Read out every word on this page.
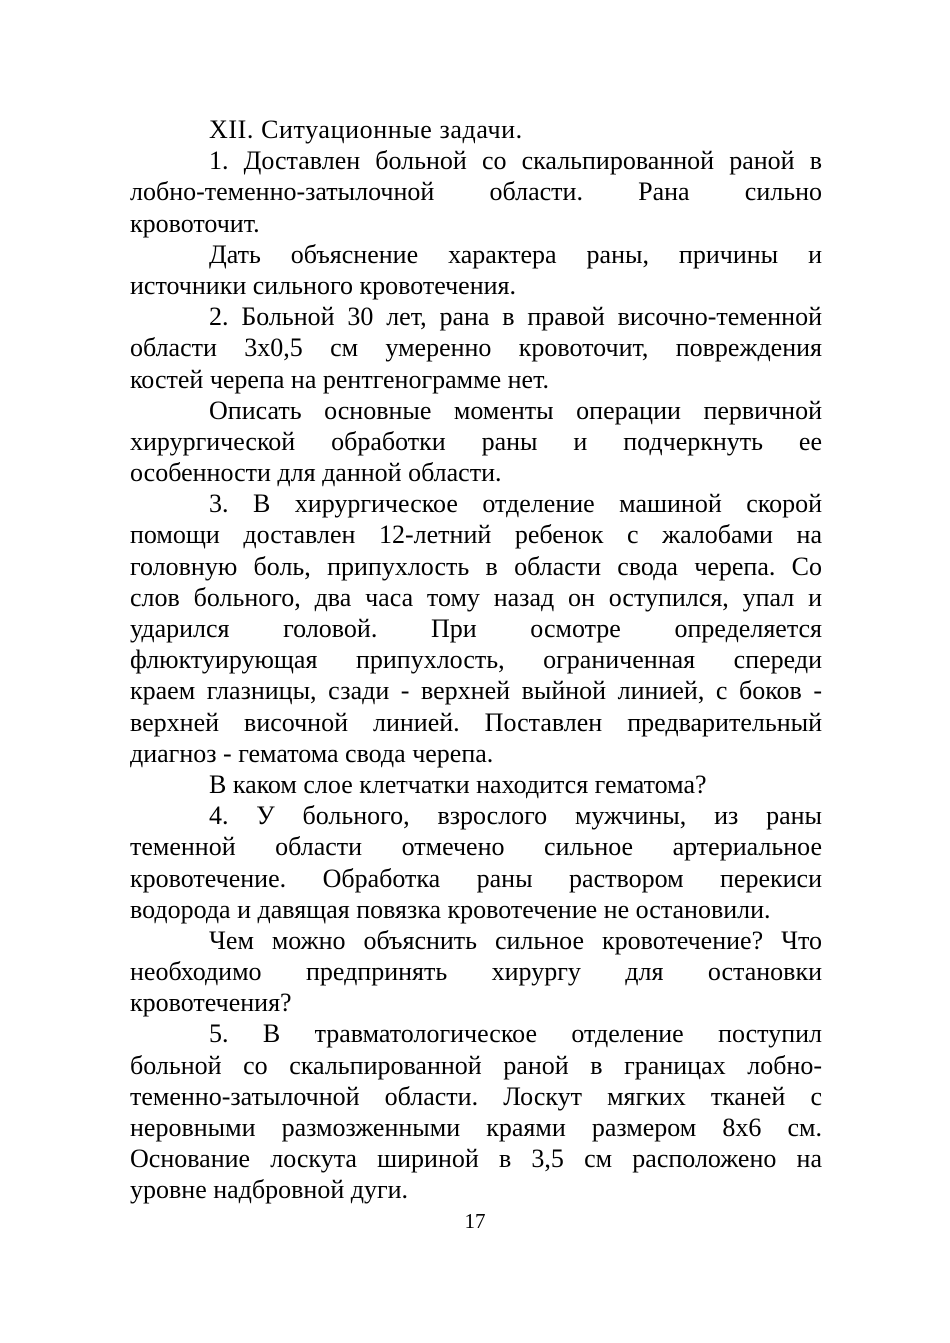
XII. Ситуационные задачи.
1. Доставлен больной со скальпированной раной в
лобно-теменно-затылочной области. Рана сильно
кровоточит.
Дать объяснение характера раны, причины и
источники сильного кровотечения.
2. Больной 30 лет, рана в правой височно-теменной
области 3х0,5 см умеренно кровоточит, повреждения
костей черепа на рентгенограмме нет.
Описать основные моменты операции первичной
хирургической обработки раны и подчеркнуть ее
особенности для данной области.
3. В хирургическое отделение машиной скорой
помощи доставлен 12-летний ребенок с жалобами на
головную боль, припухлость в области свода черепа. Со
слов больного, два часа тому назад он оступился, упал и
ударился головой. При осмотре определяется
флюктуирующая припухлость, ограниченная спереди
краем глазницы, сзади - верхней выйной линией, с боков -
верхней височной линией. Поставлен предварительный
диагноз - гематома свода черепа.
В каком слое клетчатки находится гематома?
4. У больного, взрослого мужчины, из раны
теменной области отмечено сильное артериальное
кровотечение. Обработка раны раствором перекиси
водорода и давящая повязка кровотечение не остановили.
Чем можно объяснить сильное кровотечение? Что
необходимо предпринять хирургу для остановки
кровотечения?
5. В травматологическое отделение поступил
больной со скальпированной раной в границах лобно-
теменно-затылочной области. Лоскут мягких тканей с
неровными размозженными краями размером 8х6 см.
Основание лоскута шириной в 3,5 см расположено на
уровне надбровной дуги.
17
